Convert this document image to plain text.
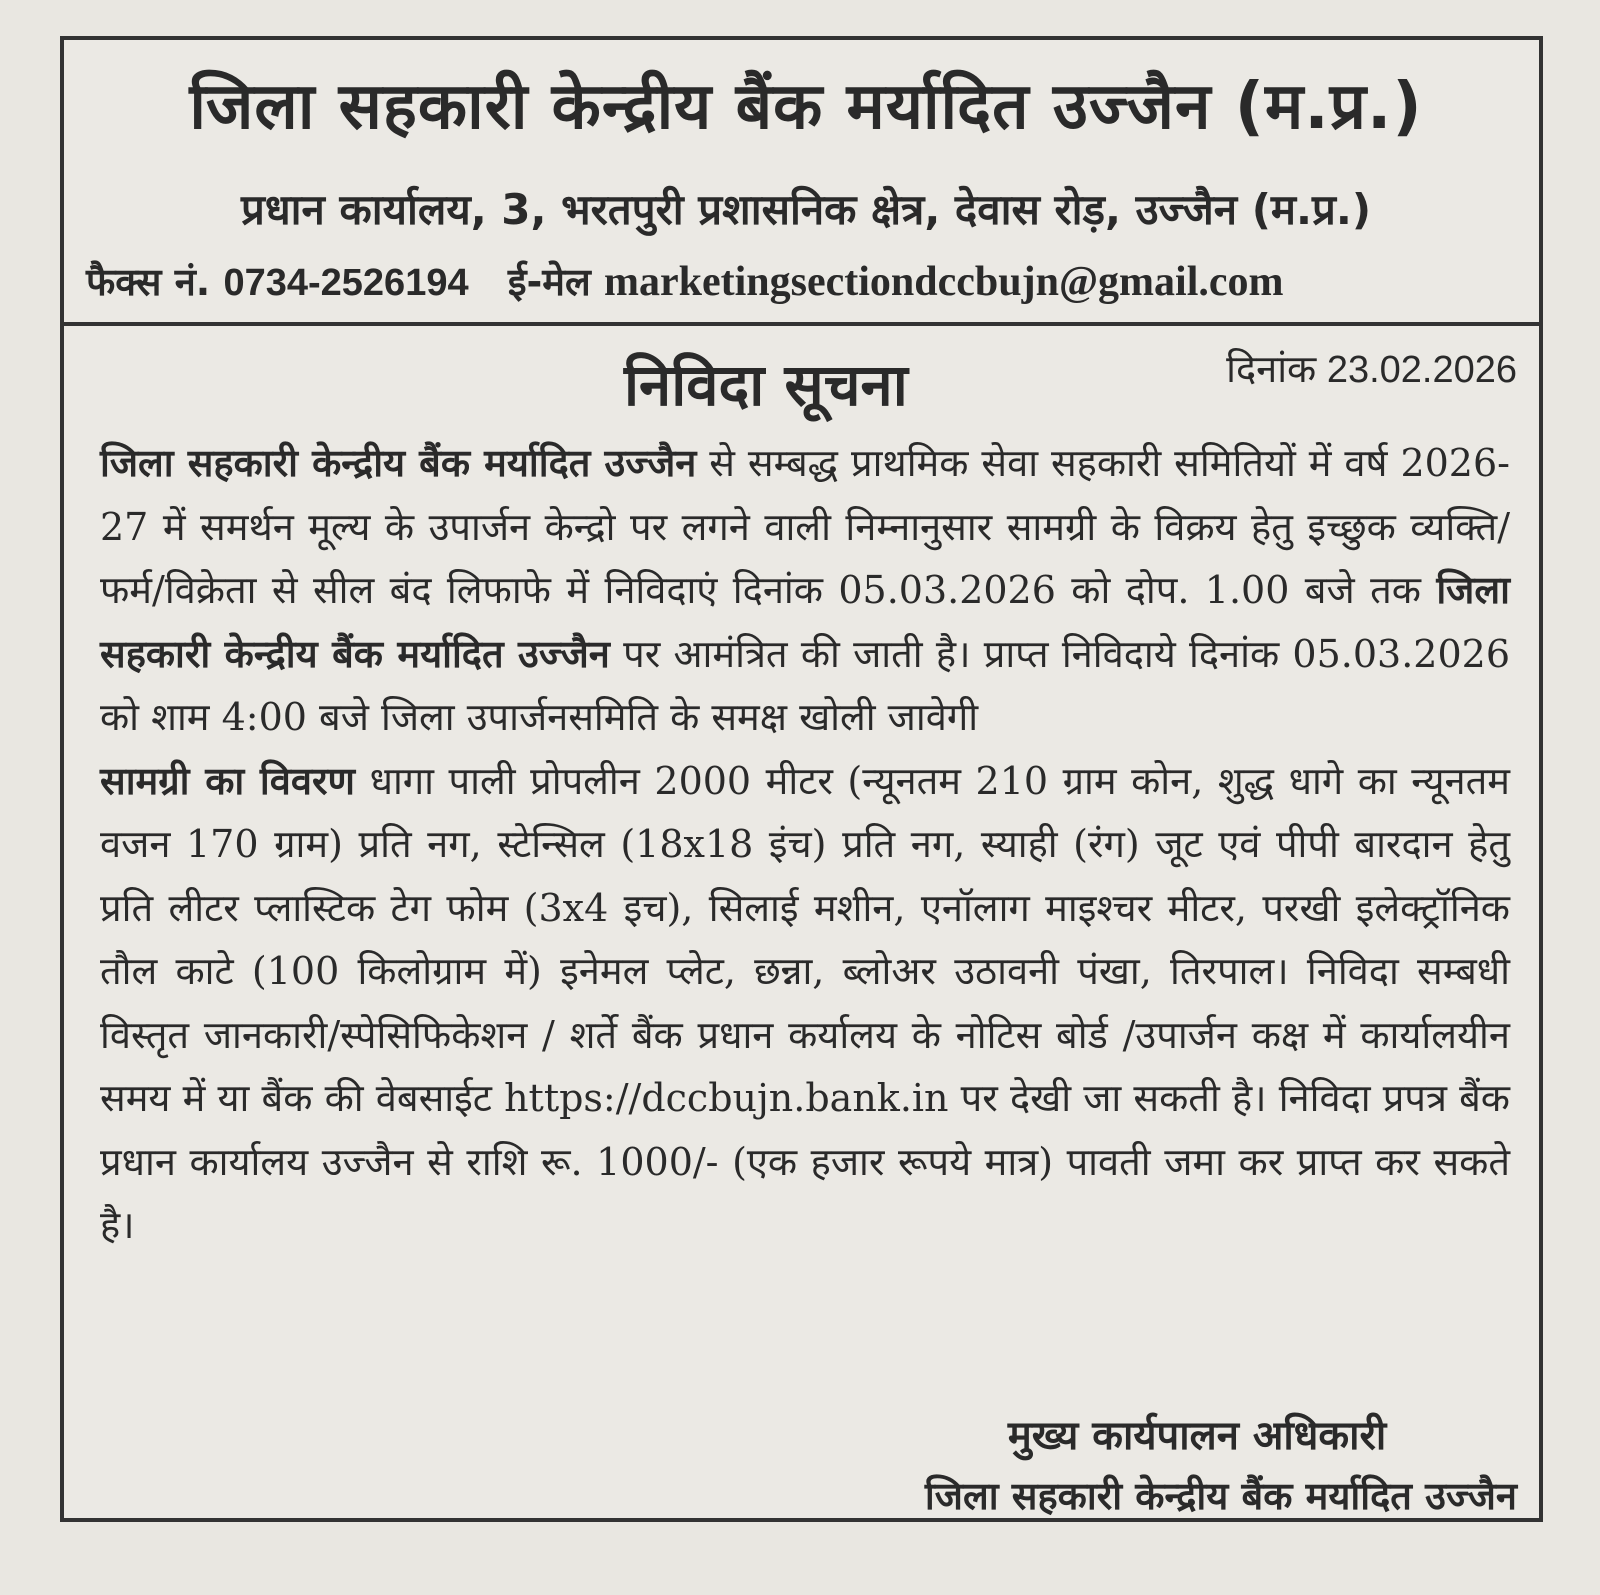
जिला सहकारी केन्द्रीय बैंक मर्यादित उज्जैन (म.प्र.)
प्रधान कार्यालय, 3, भरतपुरी प्रशासनिक क्षेत्र, देवास रोड़, उज्जैन (म.प्र.)
फैक्स नं. 0734-2526194 ई-मेल marketingsectiondccbujn@gmail.com
निविदा सूचना	दिनांक 23.02.2026
जिला सहकारी केन्द्रीय बैंक मर्यादित उज्जैन से सम्बद्ध प्राथमिक सेवा सहकारी समितियों में वर्ष 2026-27 में समर्थन मूल्य के उपार्जन केन्द्रो पर लगने वाली निम्नानुसार सामग्री के विक्रय हेतु इच्छुक व्यक्ति/फर्म/विक्रेता से सील बंद लिफाफे में निविदाएं दिनांक 05.03.2026 को दोप. 1.00 बजे तक जिला सहकारी केन्द्रीय बैंक मर्यादित उज्जैन पर आमंत्रित की जाती है। प्राप्त निविदाये दिनांक 05.03.2026 को शाम 4:00 बजे जिला उपार्जनसमिति के समक्ष खोली जावेगी
सामग्री का विवरण धागा पाली प्रोपलीन 2000 मीटर (न्यूनतम 210 ग्राम कोन, शुद्ध धागे का न्यूनतम वजन 170 ग्राम) प्रति नग, स्टेन्सिल (18x18 इंच) प्रति नग, स्याही (रंग) जूट एवं पीपी बारदान हेतु प्रति लीटर प्लास्टिक टेग फोम (3x4 इच), सिलाई मशीन, एनॉलाग माइश्चर मीटर, परखी इलेक्ट्रॉनिक तौल काटे (100 किलोग्राम में) इनेमल प्लेट, छन्ना, ब्लोअर उठावनी पंखा, तिरपाल। निविदा सम्बधी विस्तृत जानकारी/स्पेसिफिकेशन / शर्ते बैंक प्रधान कर्यालय के नोटिस बोर्ड /उपार्जन कक्ष में कार्यालयीन समय में या बैंक की वेबसाईट https://dccbujn.bank.in पर देखी जा सकती है। निविदा प्रपत्र बैंक प्रधान कार्यालय उज्जैन से राशि रू. 1000/- (एक हजार रूपये मात्र) पावती जमा कर प्राप्त कर सकते है।
मुख्य कार्यपालन अधिकारी
जिला सहकारी केन्द्रीय बैंक मर्यादित उज्जैन
